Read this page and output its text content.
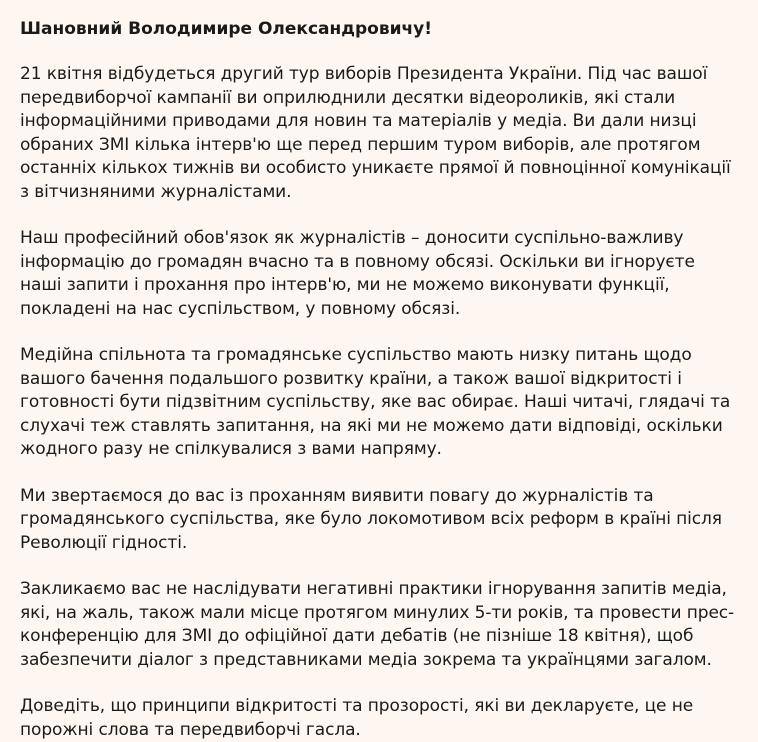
Шановний Володимире Олександровичу!

21 квітня відбудеться другий тур виборів Президента України. Під час вашої передвиборчої кампанії ви оприлюднили десятки відеороликів, які стали інформаційними приводами для новин та матеріалів у медіа. Ви дали низці обраних ЗМІ кілька інтерв'ю ще перед першим туром виборів, але протягом останніх кількох тижнів ви особисто уникаєте прямої й повноцінної комунікації з вітчизняними журналістами.

Наш професійний обов'язок як журналістів – доносити суспільно-важливу інформацію до громадян вчасно та в повному обсязі. Оскільки ви ігноруєте наші запити і прохання про інтерв'ю, ми не можемо виконувати функції, покладені на нас суспільством, у повному обсязі.

Медійна спільнота та громадянське суспільство мають низку питань щодо вашого бачення подальшого розвитку країни, а також вашої відкритості і готовності бути підзвітним суспільству, яке вас обирає. Наші читачі, глядачі та слухачі теж ставлять запитання, на які ми не можемо дати відповіді, оскільки жодного разу не спілкувалися з вами напряму.

Ми звертаємося до вас із проханням виявити повагу до журналістів та громадянського суспільства, яке було локомотивом всіх реформ в країні після Революції гідності.

Закликаємо вас не наслідувати негативні практики ігнорування запитів медіа, які, на жаль, також мали місце протягом минулих 5-ти років, та провести прес-конференцію для ЗМІ до офіційної дати дебатів (не пізніше 18 квітня), щоб забезпечити діалог з представниками медіа зокрема та українцями загалом.

Доведіть, що принципи відкритості та прозорості, які ви декларуєте, це не порожні слова та передвиборчі гасла.
